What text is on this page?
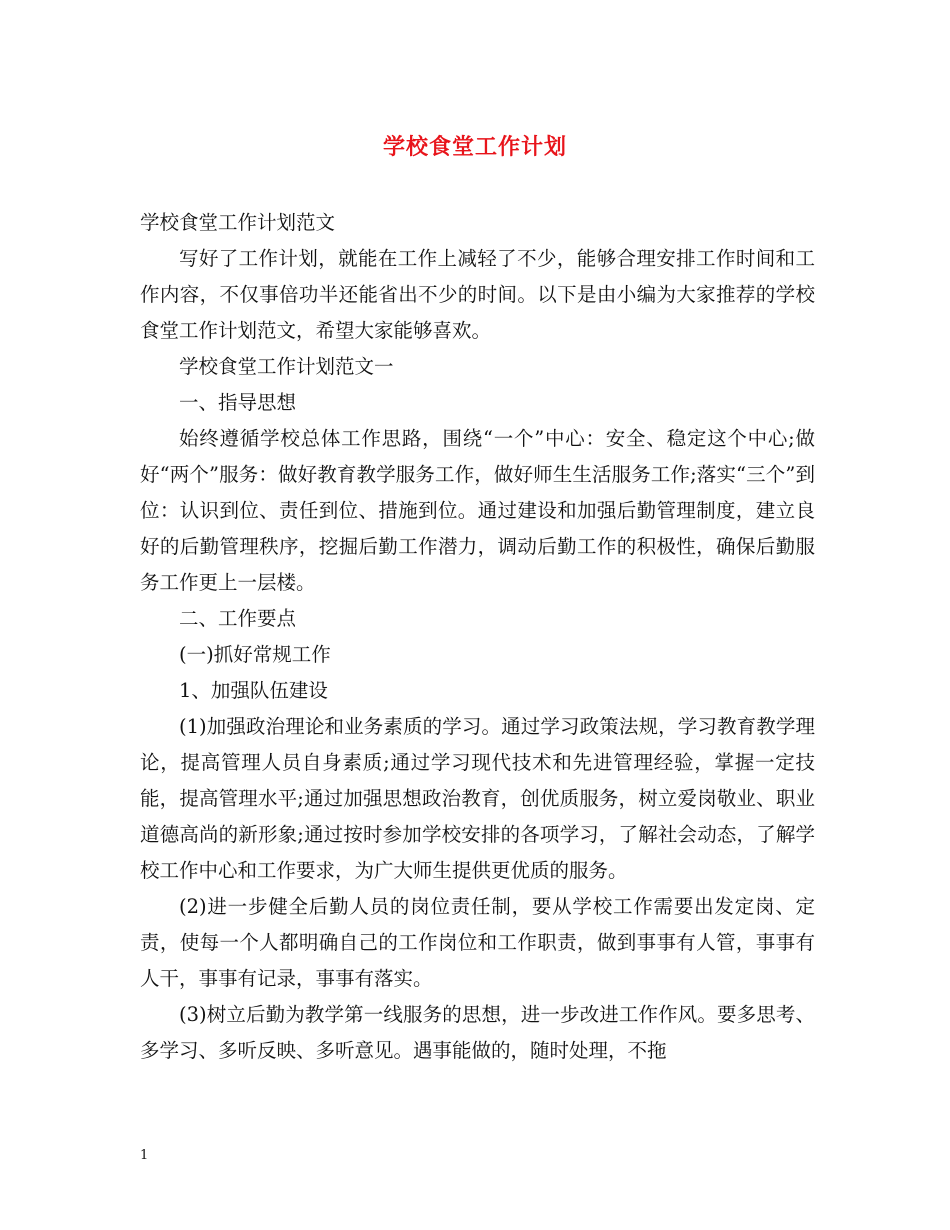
学校食堂工作计划

学校食堂工作计划范文

写好了工作计划，就能在工作上减轻了不少，能够合理安排工作时间和工作内容，不仅事倍功半还能省出不少的时间。以下是由小编为大家推荐的学校食堂工作计划范文，希望大家能够喜欢。

学校食堂工作计划范文一

一、指导思想

始终遵循学校总体工作思路，围绕“一个”中心：安全、稳定这个中心;做好“两个”服务：做好教育教学服务工作，做好师生生活服务工作;落实“三个”到位：认识到位、责任到位、措施到位。通过建设和加强后勤管理制度，建立良好的后勤管理秩序，挖掘后勤工作潜力，调动后勤工作的积极性，确保后勤服务工作更上一层楼。

二、工作要点

(一)抓好常规工作

1、加强队伍建设

(1)加强政治理论和业务素质的学习。通过学习政策法规，学习教育教学理论，提高管理人员自身素质;通过学习现代技术和先进管理经验，掌握一定技能，提高管理水平;通过加强思想政治教育，创优质服务，树立爱岗敬业、职业道德高尚的新形象;通过按时参加学校安排的各项学习，了解社会动态，了解学校工作中心和工作要求，为广大师生提供更优质的服务。

(2)进一步健全后勤人员的岗位责任制，要从学校工作需要出发定岗、定责，使每一个人都明确自己的工作岗位和工作职责，做到事事有人管，事事有人干，事事有记录，事事有落实。

(3)树立后勤为教学第一线服务的思想，进一步改进工作作风。要多思考、多学习、多听反映、多听意见。遇事能做的，随时处理，不拖

1
